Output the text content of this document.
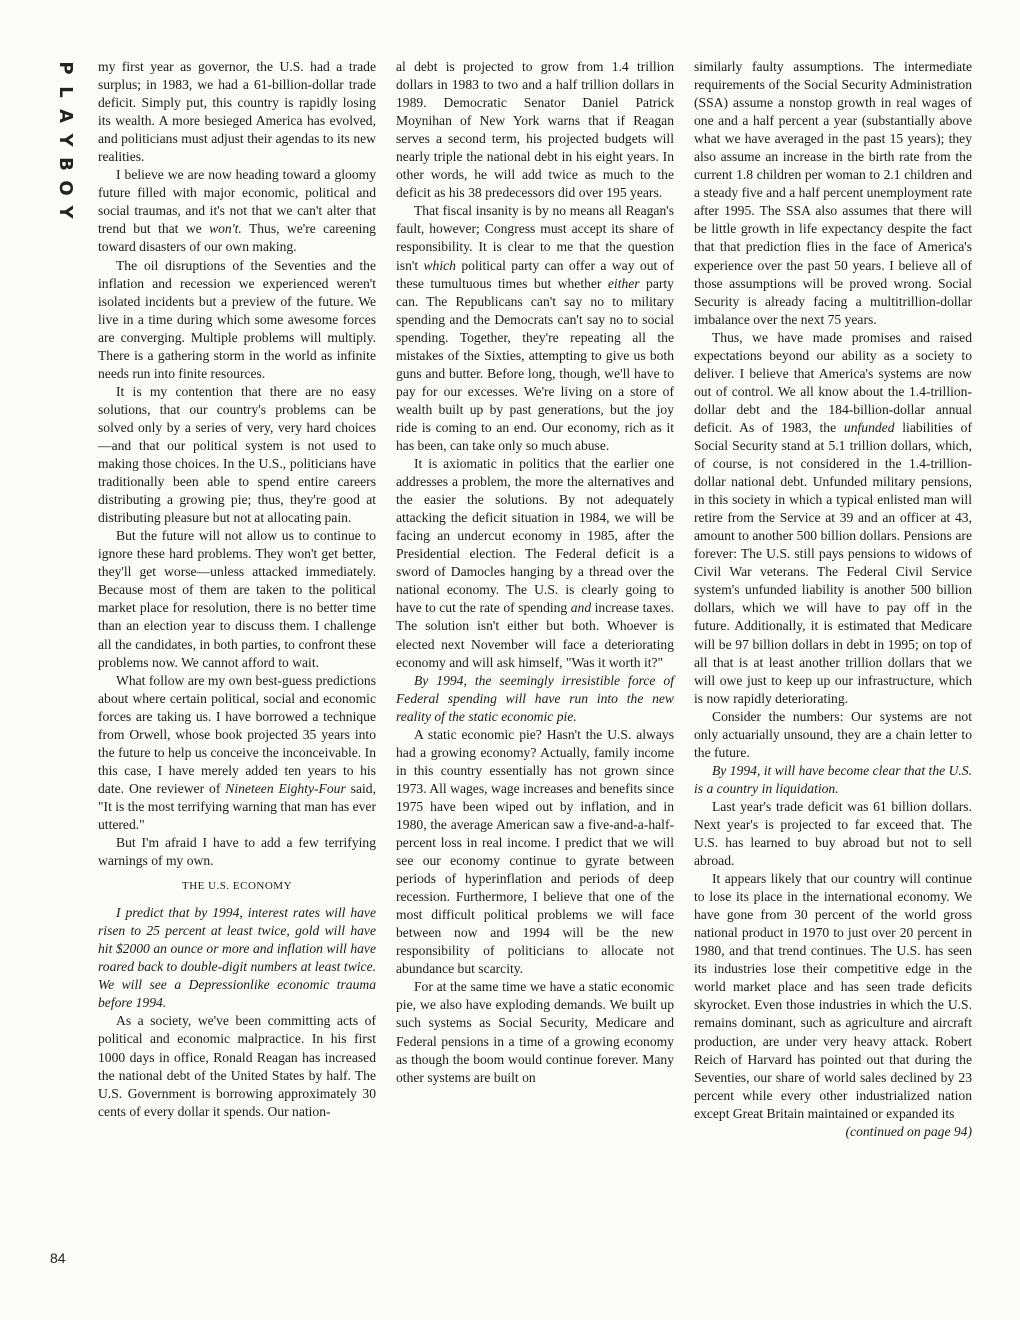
P
L
A
Y
B
O
Y
84

my first year as governor, the U.S. had a trade surplus; in 1983, we had a 61-billion-dollar trade deficit. Simply put, this country is rapidly losing its wealth. A more besieged America has evolved, and politicians must adjust their agendas to its new realities.

I believe we are now heading toward a gloomy future filled with major economic, political and social traumas, and it's not that we can't alter that trend but that we won't. Thus, we're careening toward disasters of our own making.

The oil disruptions of the Seventies and the inflation and recession we experienced weren't isolated incidents but a preview of the future. We live in a time during which some awesome forces are converging. Multiple problems will multiply. There is a gathering storm in the world as infinite needs run into finite resources.

It is my contention that there are no easy solutions, that our country's problems can be solved only by a series of very, very hard choices—and that our political system is not used to making those choices. In the U.S., politicians have traditionally been able to spend entire careers distributing a growing pie; thus, they're good at distributing pleasure but not at allocating pain.

But the future will not allow us to continue to ignore these hard problems. They won't get better, they'll get worse—unless attacked immediately. Because most of them are taken to the political market place for resolution, there is no better time than an election year to discuss them. I challenge all the candidates, in both parties, to confront these problems now. We cannot afford to wait.

What follow are my own best-guess predictions about where certain political, social and economic forces are taking us. I have borrowed a technique from Orwell, whose book projected 35 years into the future to help us conceive the inconceivable. In this case, I have merely added ten years to his date. One reviewer of Nineteen Eighty-Four said, "It is the most terrifying warning that man has ever uttered."

But I'm afraid I have to add a few terrifying warnings of my own.

THE U.S. ECONOMY

I predict that by 1994, interest rates will have risen to 25 percent at least twice, gold will have hit $2000 an ounce or more and inflation will have roared back to double-digit numbers at least twice. We will see a Depressionlike economic trauma before 1994.

As a society, we've been committing acts of political and economic malpractice. In his first 1000 days in office, Ronald Reagan has increased the national debt of the United States by half. The U.S. Government is borrowing approximately 30 cents of every dollar it spends. Our nation-

al debt is projected to grow from 1.4 trillion dollars in 1983 to two and a half trillion dollars in 1989. Democratic Senator Daniel Patrick Moynihan of New York warns that if Reagan serves a second term, his projected budgets will nearly triple the national debt in his eight years. In other words, he will add twice as much to the deficit as his 38 predecessors did over 195 years.

That fiscal insanity is by no means all Reagan's fault, however; Congress must accept its share of responsibility. It is clear to me that the question isn't which political party can offer a way out of these tumultuous times but whether either party can. The Republicans can't say no to military spending and the Democrats can't say no to social spending. Together, they're repeating all the mistakes of the Sixties, attempting to give us both guns and butter. Before long, though, we'll have to pay for our excesses. We're living on a store of wealth built up by past generations, but the joy ride is coming to an end. Our economy, rich as it has been, can take only so much abuse.

It is axiomatic in politics that the earlier one addresses a problem, the more the alternatives and the easier the solutions. By not adequately attacking the deficit situation in 1984, we will be facing an undercut economy in 1985, after the Presidential election. The Federal deficit is a sword of Damocles hanging by a thread over the national economy. The U.S. is clearly going to have to cut the rate of spending and increase taxes. The solution isn't either but both. Whoever is elected next November will face a deteriorating economy and will ask himself, "Was it worth it?"

By 1994, the seemingly irresistible force of Federal spending will have run into the new reality of the static economic pie.

A static economic pie? Hasn't the U.S. always had a growing economy? Actually, family income in this country essentially has not grown since 1973. All wages, wage increases and benefits since 1975 have been wiped out by inflation, and in 1980, the average American saw a five-and-a-half-percent loss in real income. I predict that we will see our economy continue to gyrate between periods of hyperinflation and periods of deep recession. Furthermore, I believe that one of the most difficult political problems we will face between now and 1994 will be the new responsibility of politicians to allocate not abundance but scarcity.

For at the same time we have a static economic pie, we also have exploding demands. We built up such systems as Social Security, Medicare and Federal pensions in a time of a growing economy as though the boom would continue forever. Many other systems are built on

similarly faulty assumptions. The intermediate requirements of the Social Security Administration (SSA) assume a nonstop growth in real wages of one and a half percent a year (substantially above what we have averaged in the past 15 years); they also assume an increase in the birth rate from the current 1.8 children per woman to 2.1 children and a steady five and a half percent unemployment rate after 1995. The SSA also assumes that there will be little growth in life expectancy despite the fact that that prediction flies in the face of America's experience over the past 50 years. I believe all of those assumptions will be proved wrong. Social Security is already facing a multitrillion-dollar imbalance over the next 75 years.

Thus, we have made promises and raised expectations beyond our ability as a society to deliver. I believe that America's systems are now out of control. We all know about the 1.4-trillion-dollar debt and the 184-billion-dollar annual deficit. As of 1983, the unfunded liabilities of Social Security stand at 5.1 trillion dollars, which, of course, is not considered in the 1.4-trillion-dollar national debt. Unfunded military pensions, in this society in which a typical enlisted man will retire from the Service at 39 and an officer at 43, amount to another 500 billion dollars. Pensions are forever: The U.S. still pays pensions to widows of Civil War veterans. The Federal Civil Service system's unfunded liability is another 500 billion dollars, which we will have to pay off in the future. Additionally, it is estimated that Medicare will be 97 billion dollars in debt in 1995; on top of all that is at least another trillion dollars that we will owe just to keep up our infrastructure, which is now rapidly deteriorating.

Consider the numbers: Our systems are not only actuarially unsound, they are a chain letter to the future.

By 1994, it will have become clear that the U.S. is a country in liquidation.

Last year's trade deficit was 61 billion dollars. Next year's is projected to far exceed that. The U.S. has learned to buy abroad but not to sell abroad.

It appears likely that our country will continue to lose its place in the international economy. We have gone from 30 percent of the world gross national product in 1970 to just over 20 percent in 1980, and that trend continues. The U.S. has seen its industries lose their competitive edge in the world market place and has seen trade deficits skyrocket. Even those industries in which the U.S. remains dominant, such as agriculture and aircraft production, are under very heavy attack. Robert Reich of Harvard has pointed out that during the Seventies, our share of world sales declined by 23 percent while every other industrialized nation except Great Britain maintained or expanded its

(continued on page 94)
